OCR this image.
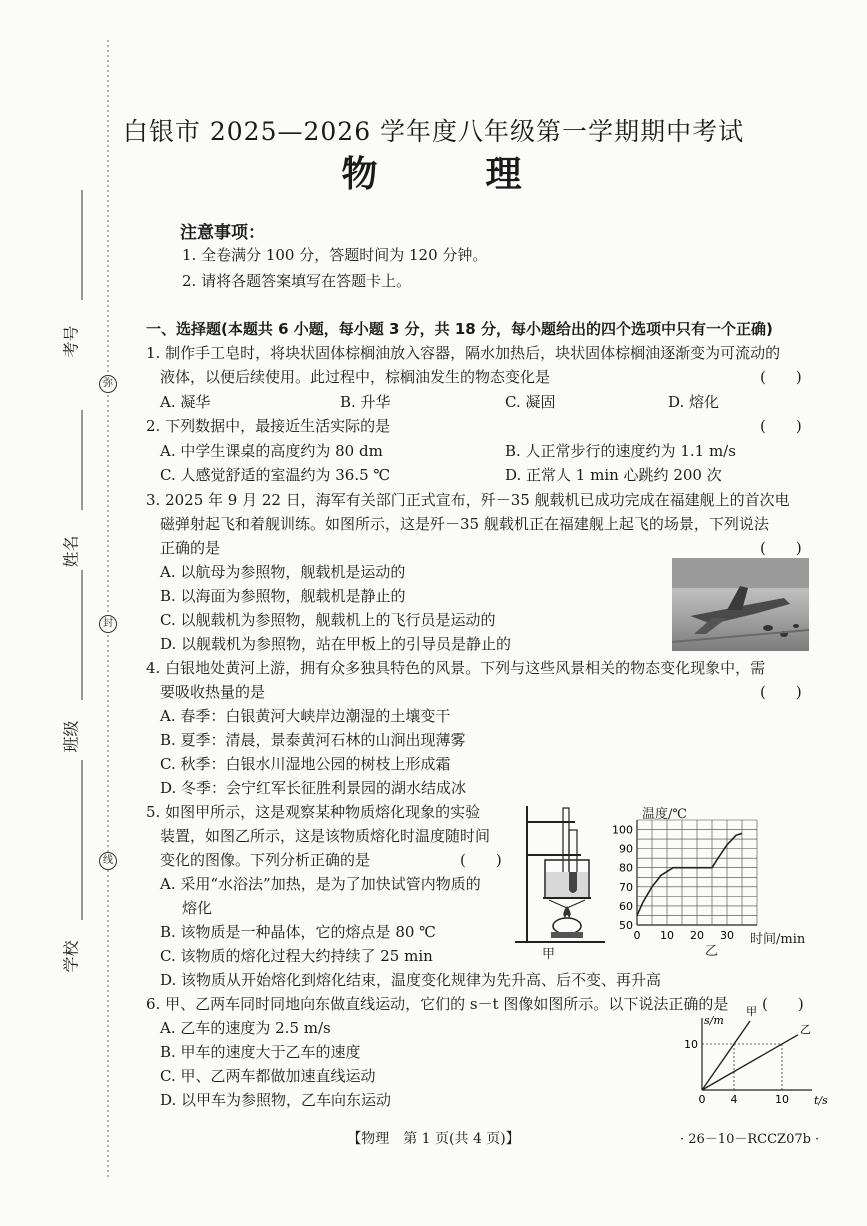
考号
姓名
班级
学校
弥
封
线
白银市 2025—2026 学年度八年级第一学期期中考试
物	理
注意事项：
1. 全卷满分 100 分，答题时间为 120 分钟。
2. 请将各题答案填写在答题卡上。
一、选择题(本题共 6 小题，每小题 3 分，共 18 分，每小题给出的四个选项中只有一个正确)
1. 制作手工皂时，将块状固体棕榈油放入容器，隔水加热后，块状固体棕榈油逐渐变为可流动的
液体，以便后续使用。此过程中，棕榈油发生的物态变化是	(　　)
A. 凝华	B. 升华	C. 凝固	D. 熔化
2. 下列数据中，最接近生活实际的是	(　　)
A. 中学生课桌的高度约为 80 dm	B. 人正常步行的速度约为 1.1 m/s
C. 人感觉舒适的室温约为 36.5 ℃	D. 正常人 1 min 心跳约 200 次
3. 2025 年 9 月 22 日，海军有关部门正式宣布，歼－35 舰载机已成功完成在福建舰上的首次电
磁弹射起飞和着舰训练。如图所示，这是歼－35 舰载机正在福建舰上起飞的场景，下列说法
正确的是	(　　)
A. 以航母为参照物，舰载机是运动的
B. 以海面为参照物，舰载机是静止的
C. 以舰载机为参照物，舰载机上的飞行员是运动的
D. 以舰载机为参照物，站在甲板上的引导员是静止的
4. 白银地处黄河上游，拥有众多独具特色的风景。下列与这些风景相关的物态变化现象中，需
要吸收热量的是	(　　)
A. 春季：白银黄河大峡岸边潮湿的土壤变干
B. 夏季：清晨，景泰黄河石林的山涧出现薄雾
C. 秋季：白银水川湿地公园的树枝上形成霜
D. 冬季：会宁红军长征胜利景园的湖水结成冰
5. 如图甲所示，这是观察某种物质熔化现象的实验
装置，如图乙所示，这是该物质熔化时温度随时间
变化的图像。下列分析正确的是	(　　)
A. 采用“水浴法”加热，是为了加快试管内物质的
熔化
B. 该物质是一种晶体，它的熔点是 80 ℃
C. 该物质的熔化过程大约持续了 25 min
D. 该物质从开始熔化到熔化结束，温度变化规律为先升高、后不变、再升高
甲
50
60
70
80
90
100
0 10 20 30
温度/℃
时间/min
乙
6. 甲、乙两车同时同地向东做直线运动，它们的 s－t 图像如图所示。以下说法正确的是 (　　)
A. 乙车的速度为 2.5 m/s
B. 甲车的速度大于乙车的速度
C. 甲、乙两车都做加速直线运动
D. 以甲车为参照物，乙车向东运动
s/m
t/s
0 4	10
10
甲
乙
【物理　第 1 页(共 4 页)】	· 26－10－RCCZ07b ·
